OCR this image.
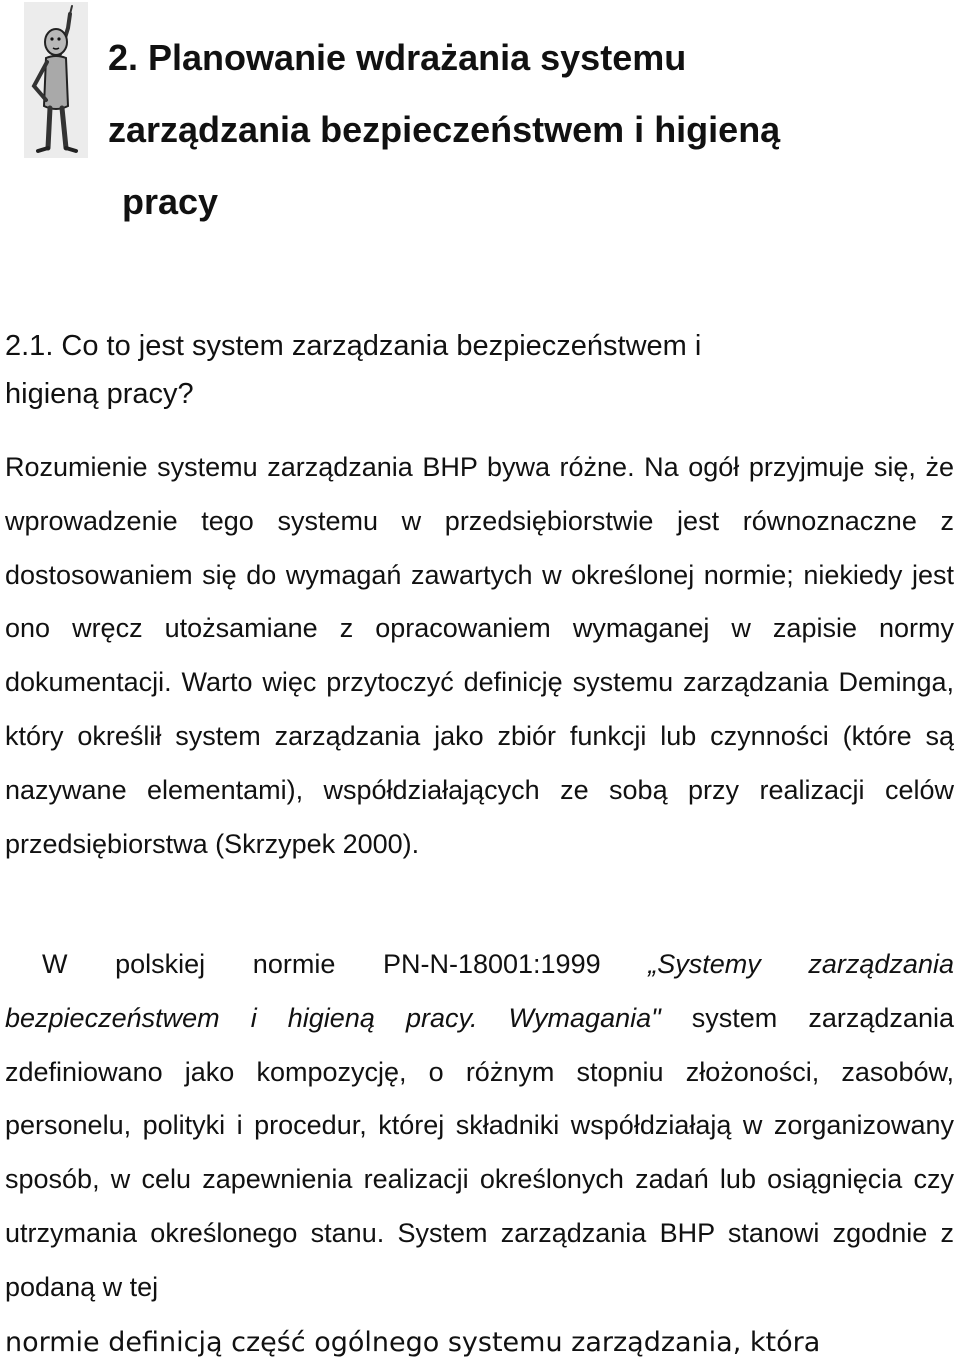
2. Planowanie wdrażania systemu
zarządzania bezpieczeństwem i higieną

pracy
2.1. Co to jest system zarządzania bezpieczeństwem i
higieną pracy?

Rozumienie systemu zarządzania BHP bywa różne. Na ogół przyjmuje się, że wprowadzenie tego systemu w przedsiębiorstwie jest równoznaczne z dostosowaniem się do wymagań zawartych w określonej normie; niekiedy jest ono wręcz utożsamiane z opracowaniem wymaganej w zapisie normy dokumentacji. Warto więc przytoczyć definicję systemu zarządzania Deminga, który określił system zarządzania jako zbiór funkcji lub czynności (które są nazywane elementami), współdziałających ze sobą przy realizacji celów przedsiębiorstwa (Skrzypek 2000).

W polskiej normie PN-N-18001:1999 „Systemy zarządzania bezpieczeństwem i higieną pracy. Wymagania" system zarządzania zdefiniowano jako kompozycję, o różnym stopniu złożoności, zasobów, personelu, polityki i procedur, której składniki współdziałają w zorganizowany sposób, w celu zapewnienia realizacji określonych zadań lub osiągnięcia czy utrzymania określonego stanu. System zarządzania BHP stanowi zgodnie z podaną w tej

normie definicją część ogólnego systemu zarządzania, która
